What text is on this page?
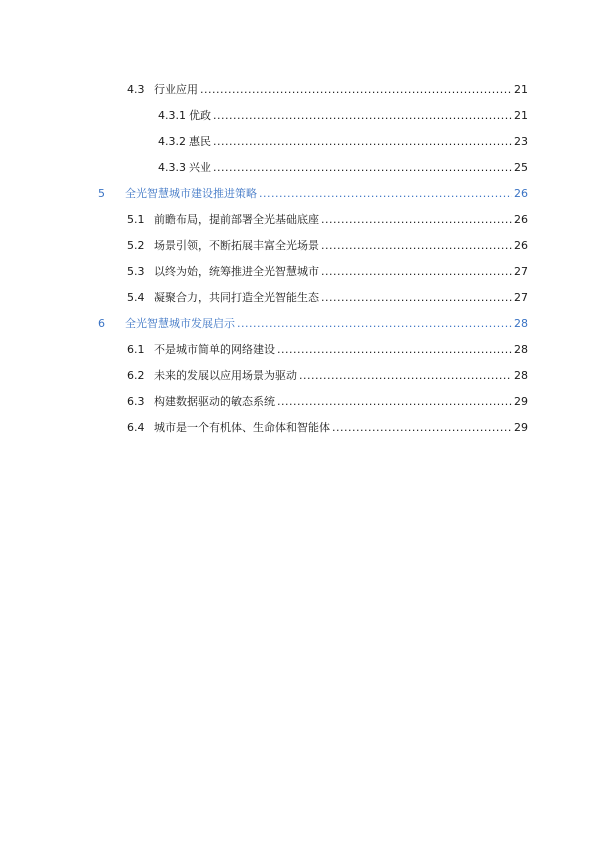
4.3 行业应用 .....	21
4.3.1 优政 .....	21
4.3.2 惠民 .....	23
4.3.3 兴业 .....	25
5	全光智慧城市建设推进策略 .....	26
5.1 前瞻布局，提前部署全光基础底座 .....	26
5.2 场景引领，不断拓展丰富全光场景 .....	26
5.3 以终为始，统筹推进全光智慧城市 .....	27
5.4 凝聚合力，共同打造全光智能生态 .....	27
6	全光智慧城市发展启示 .....	28
6.1 不是城市简单的网络建设 .....	28
6.2 未来的发展以应用场景为驱动 .....	28
6.3 构建数据驱动的敏态系统 .....	29
6.4 城市是一个有机体、生命体和智能体 .....	29
